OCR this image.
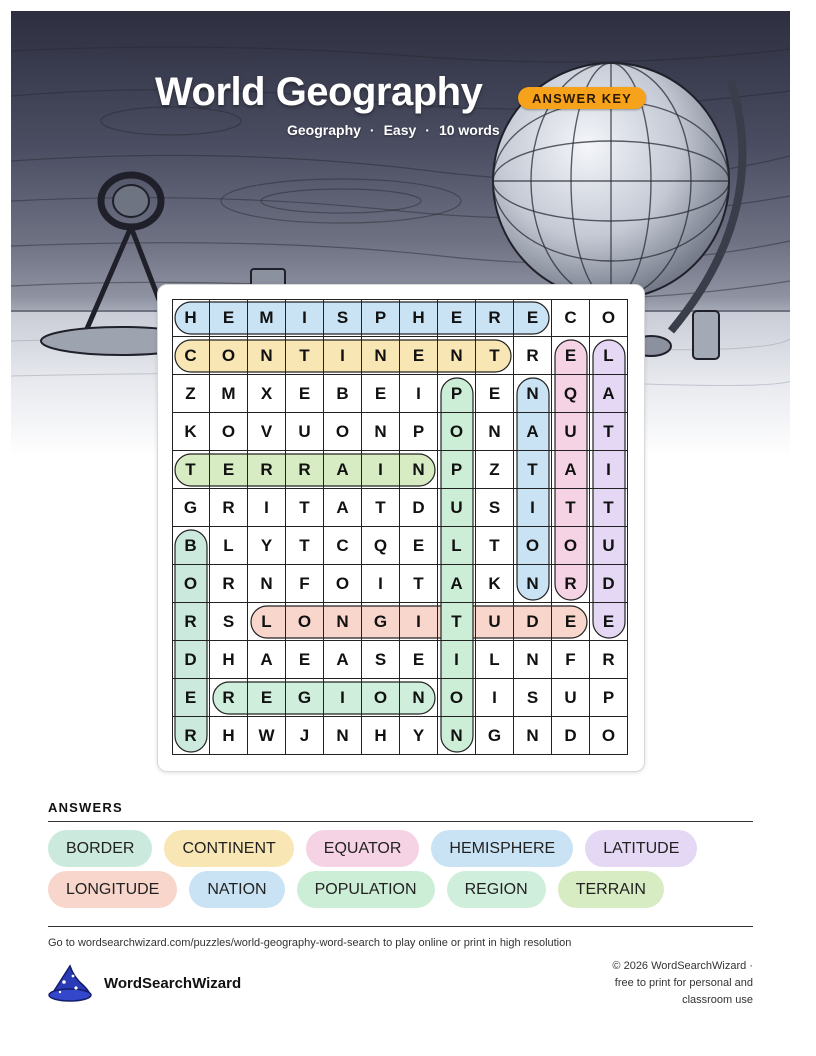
World Geography	ANSWER KEY
Geography · Easy · 10 words
H	E	M	I	S	P	H	E	R	E	C	O
C	O	N	T	I	N	E	N	T	R	E	L
Z	M	X	E	B	E	I	P	E	N	Q	A
K	O	V	U	O	N	P	O	N	A	U	T
T	E	R	R	A	I	N	P	Z	T	A	I
G	R	I	T	A	T	D	U	S	I	T	T
B	L	Y	T	C	Q	E	L	T	O	O	U
O	R	N	F	O	I	T	A	K	N	R	D
R	S	L	O	N	G	I	T	U	D	E	E
D	H	A	E	A	S	E	I	L	N	F	R
E	R	E	G	I	O	N	O	I	S	U	P
R	H	W	J	N	H	Y	N	G	N	D	O
ANSWERS
BORDER	CONTINENT	EQUATOR	HEMISPHERE	LATITUDE
LONGITUDE	NATION	POPULATION	REGION	TERRAIN
Go to wordsearchwizard.com/puzzles/world-geography-word-search to play online or print in high resolution
WordSearchWizard
© 2026 WordSearchWizard ·
free to print for personal and
classroom use
